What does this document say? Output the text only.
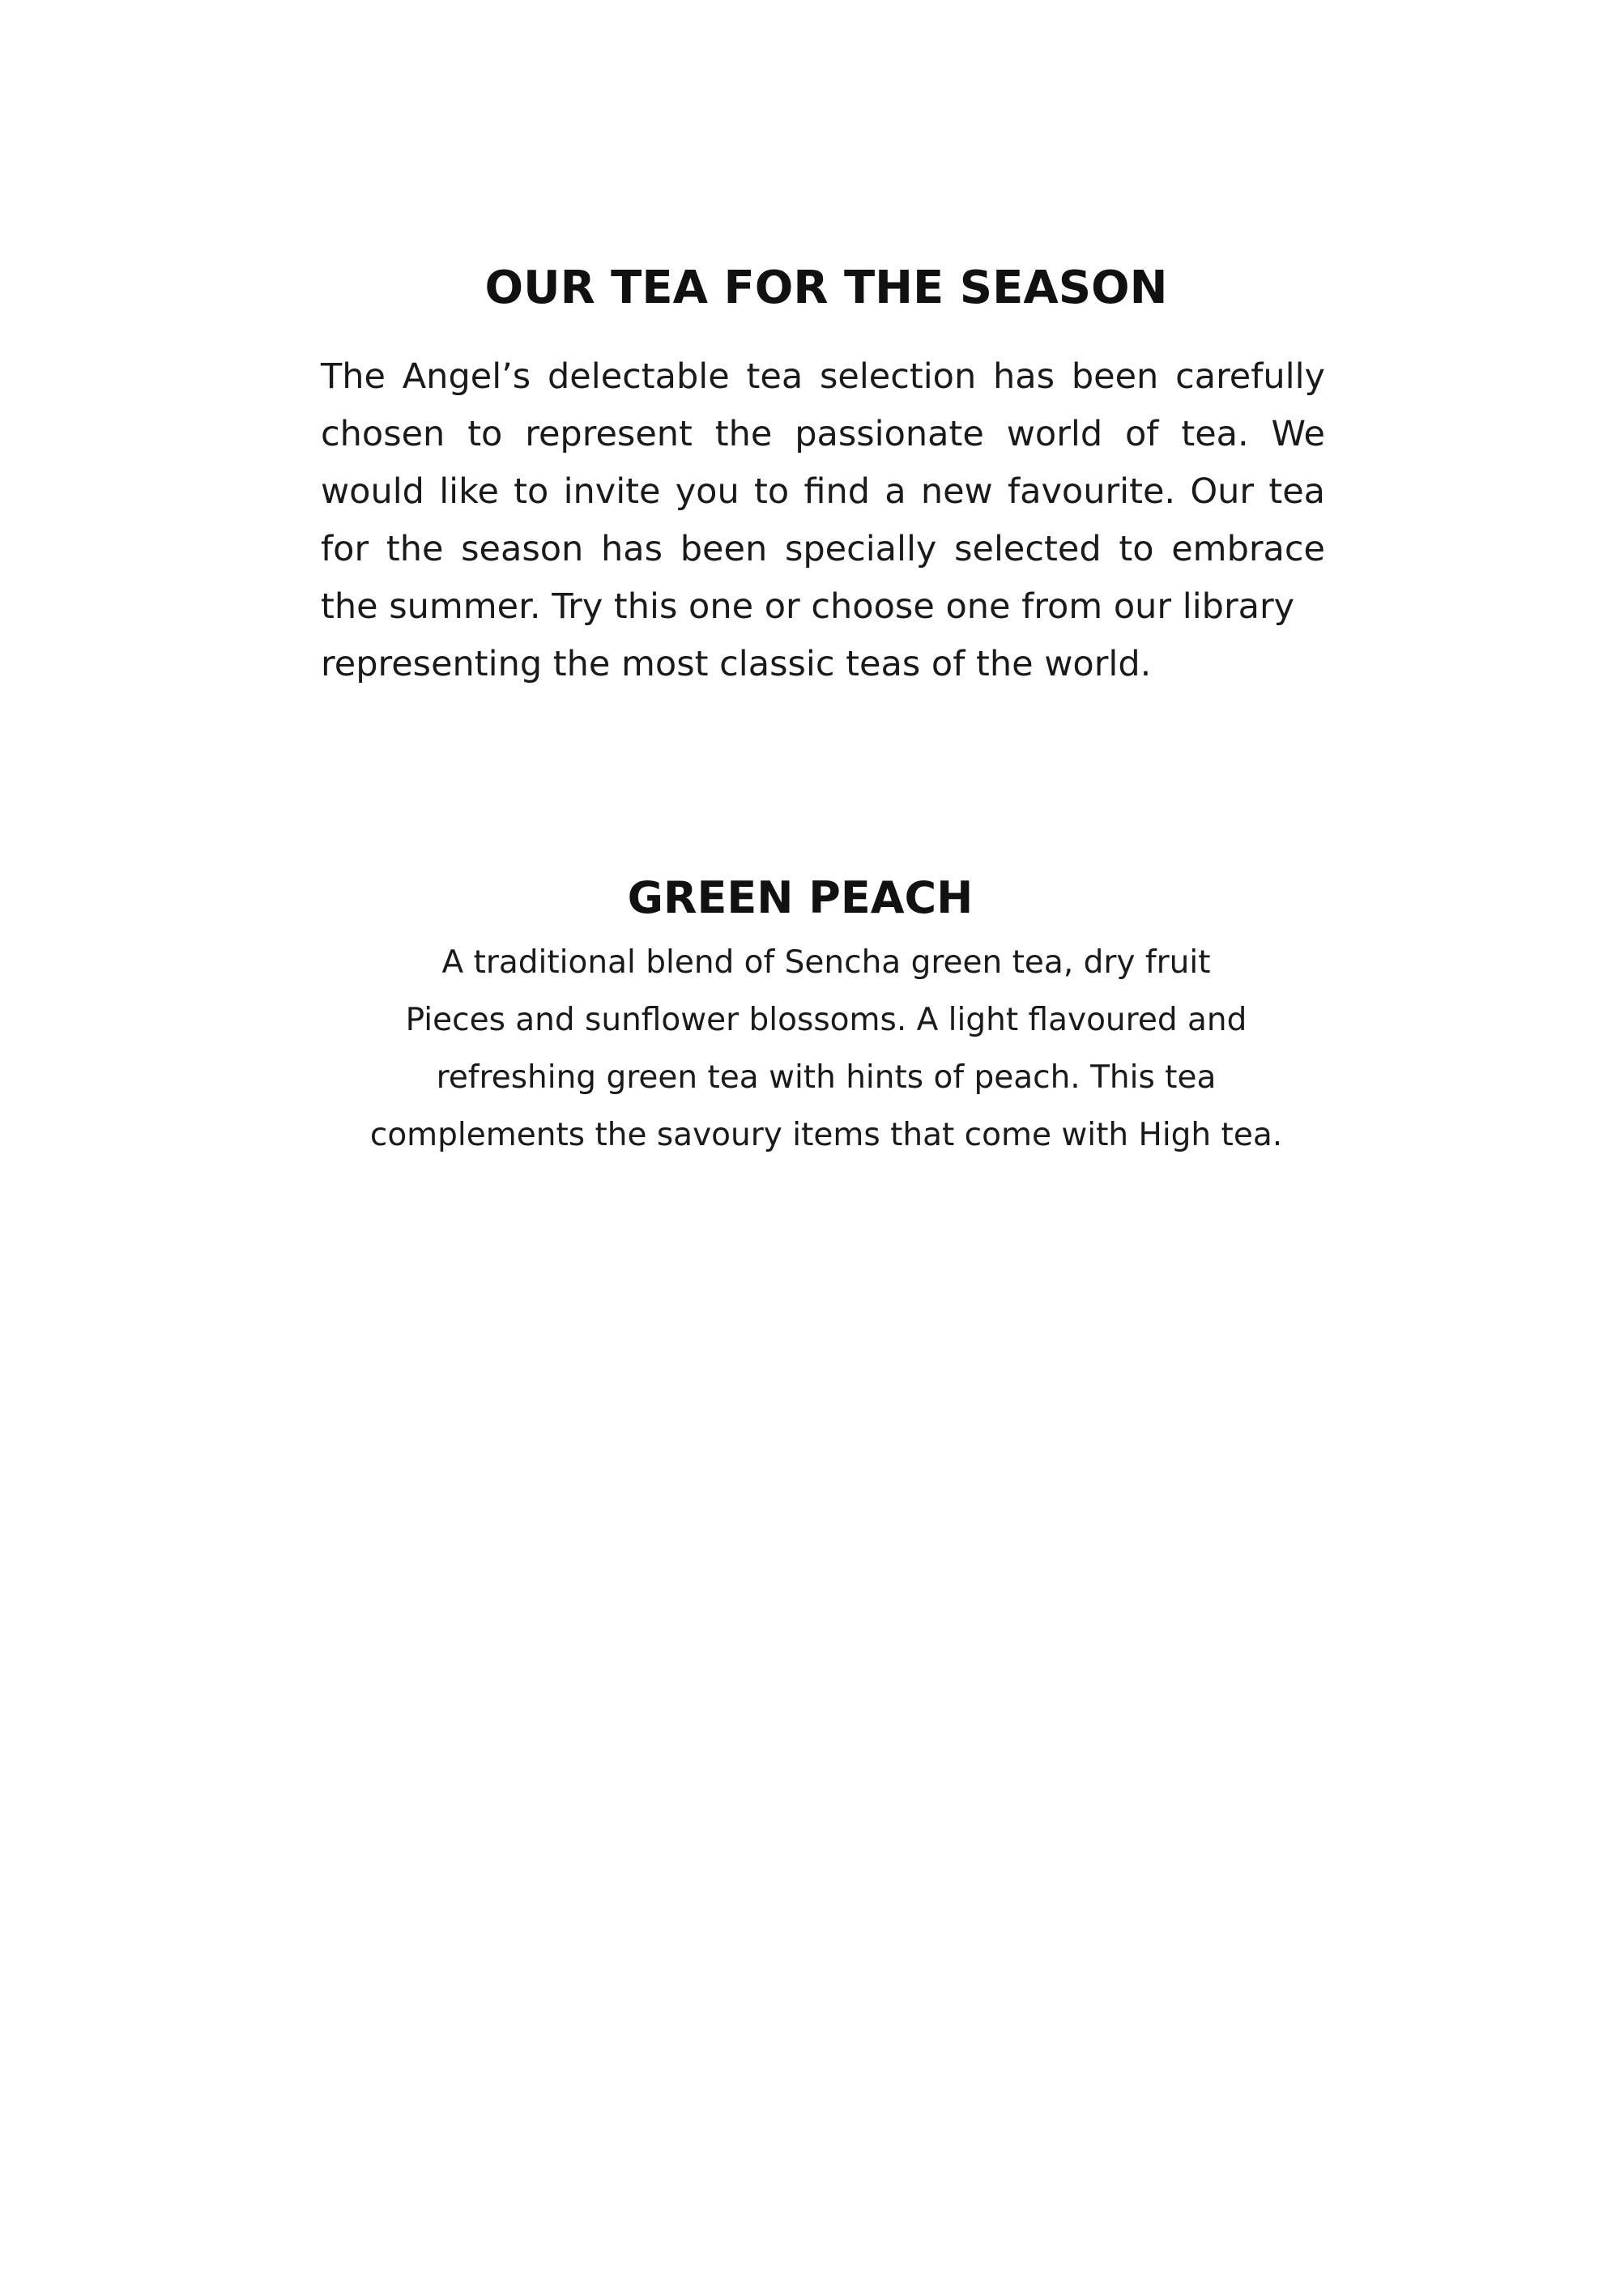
OUR TEA FOR THE SEASON

The Angel’s delectable tea selection has been carefully
chosen to represent the passionate world of tea. We
would like to invite you to find a new favourite. Our tea
for the season has been specially selected to embrace
the summer. Try this one or choose one from our library
representing the most classic teas of the world.

GREEN PEACH

A traditional blend of Sencha green tea, dry fruit
Pieces and sunflower blossoms. A light flavoured and
refreshing green tea with hints of peach. This tea
complements the savoury items that come with High tea.
